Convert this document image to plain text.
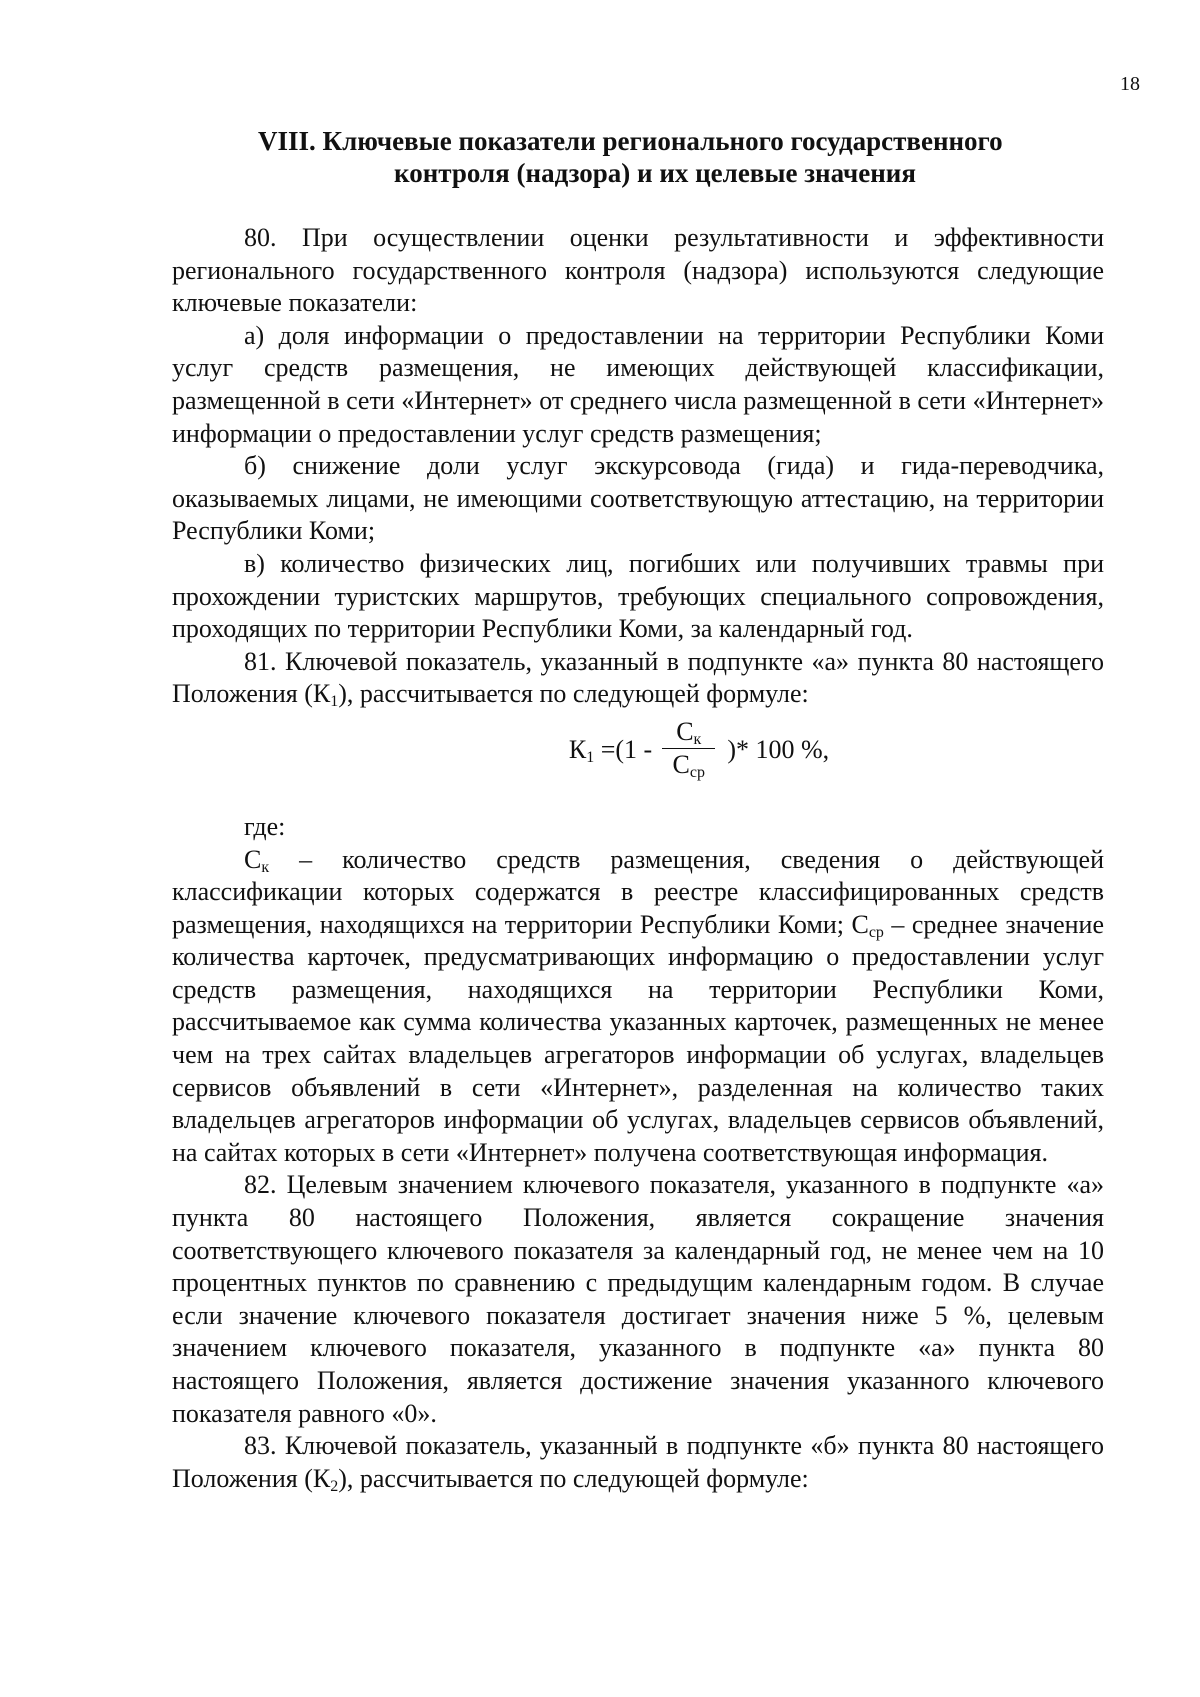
18
VIII. Ключевые показатели регионального государственного
контроля (надзора) и их целевые значения

80. При осуществлении оценки результативности и эффективности регионального государственного контроля (надзора) используются следующие ключевые показатели:

а) доля информации о предоставлении на территории Республики Коми услуг средств размещения, не имеющих действующей классификации, размещенной в сети «Интернет» от среднего числа размещенной в сети «Интернет» информации о предоставлении услуг средств размещения;

б) снижение доли услуг экскурсовода (гида) и гида-переводчика, оказываемых лицами, не имеющими соответствующую аттестацию, на территории Республики Коми;

в) количество физических лиц, погибших или получивших травмы при прохождении туристских маршрутов, требующих специального сопровождения, проходящих по территории Республики Коми, за календарный год.

81. Ключевой показатель, указанный в подпункте «а» пункта 80 настоящего Положения $(К_1)$, рассчитывается по следующей формуле:

$К_1 =(1 - \frac{С_к}{С_{ср}}$ )* 100 %,

где:

$С_к$ – количество средств размещения, сведения о действующей классификации которых содержатся в реестре классифицированных средств размещения, находящихся на территории Республики Коми; $С_{ср}$ – среднее значение количества карточек, предусматривающих информацию о предоставлении услуг средств размещения, находящихся на территории Республики Коми, рассчитываемое как сумма количества указанных карточек, размещенных не менее чем на трех сайтах владельцев агрегаторов информации об услугах, владельцев сервисов объявлений в сети «Интернет», разделенная на количество таких владельцев агрегаторов информации об услугах, владельцев сервисов объявлений, на сайтах которых в сети «Интернет» получена соответствующая информация.

82. Целевым значением ключевого показателя, указанного в подпункте «а» пункта 80 настоящего Положения, является сокращение значения соответствующего ключевого показателя за календарный год, не менее чем на 10 процентных пунктов по сравнению с предыдущим календарным годом. В случае если значение ключевого показателя достигает значения ниже 5 %, целевым значением ключевого показателя, указанного в подпункте «а» пункта 80 настоящего Положения, является достижение значения указанного ключевого показателя равного «0».

83. Ключевой показатель, указанный в подпункте «б» пункта 80 настоящего Положения $(К_2)$, рассчитывается по следующей формуле:
